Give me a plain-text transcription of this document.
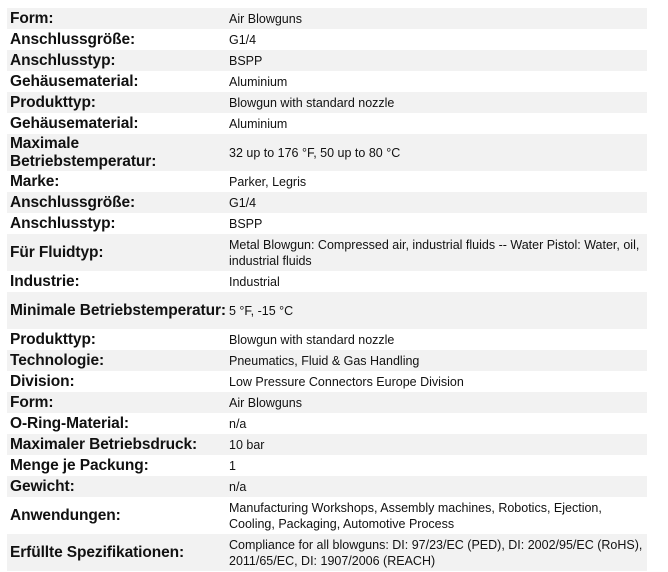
Form:	Air Blowguns
Anschlussgröße:	G1/4
Anschlusstyp:	BSPP
Gehäusematerial:	Aluminium
Produkttyp:	Blowgun with standard nozzle
Gehäusematerial:	Aluminium
Maximale Betriebstemperatur:	32 up to 176 °F, 50 up to 80 °C
Marke:	Parker, Legris
Anschlussgröße:	G1/4
Anschlusstyp:	BSPP
Für Fluidtyp:	Metal Blowgun: Compressed air, industrial fluids -- Water Pistol: Water, oil, industrial fluids
Industrie:	Industrial
Minimale Betriebstemperatur:	5 °F, -15 °C
Produkttyp:	Blowgun with standard nozzle
Technologie:	Pneumatics, Fluid & Gas Handling
Division:	Low Pressure Connectors Europe Division
Form:	Air Blowguns
O-Ring-Material:	n/a
Maximaler Betriebsdruck:	10 bar
Menge je Packung:	1
Gewicht:	n/a
Anwendungen:	Manufacturing Workshops, Assembly machines, Robotics, Ejection, Cooling, Packaging, Automotive Process
Erfüllte Spezifikationen:	Compliance for all blowguns: DI: 97/23/EC (PED), DI: 2002/95/EC (RoHS), 2011/65/EC, DI: 1907/2006 (REACH)
